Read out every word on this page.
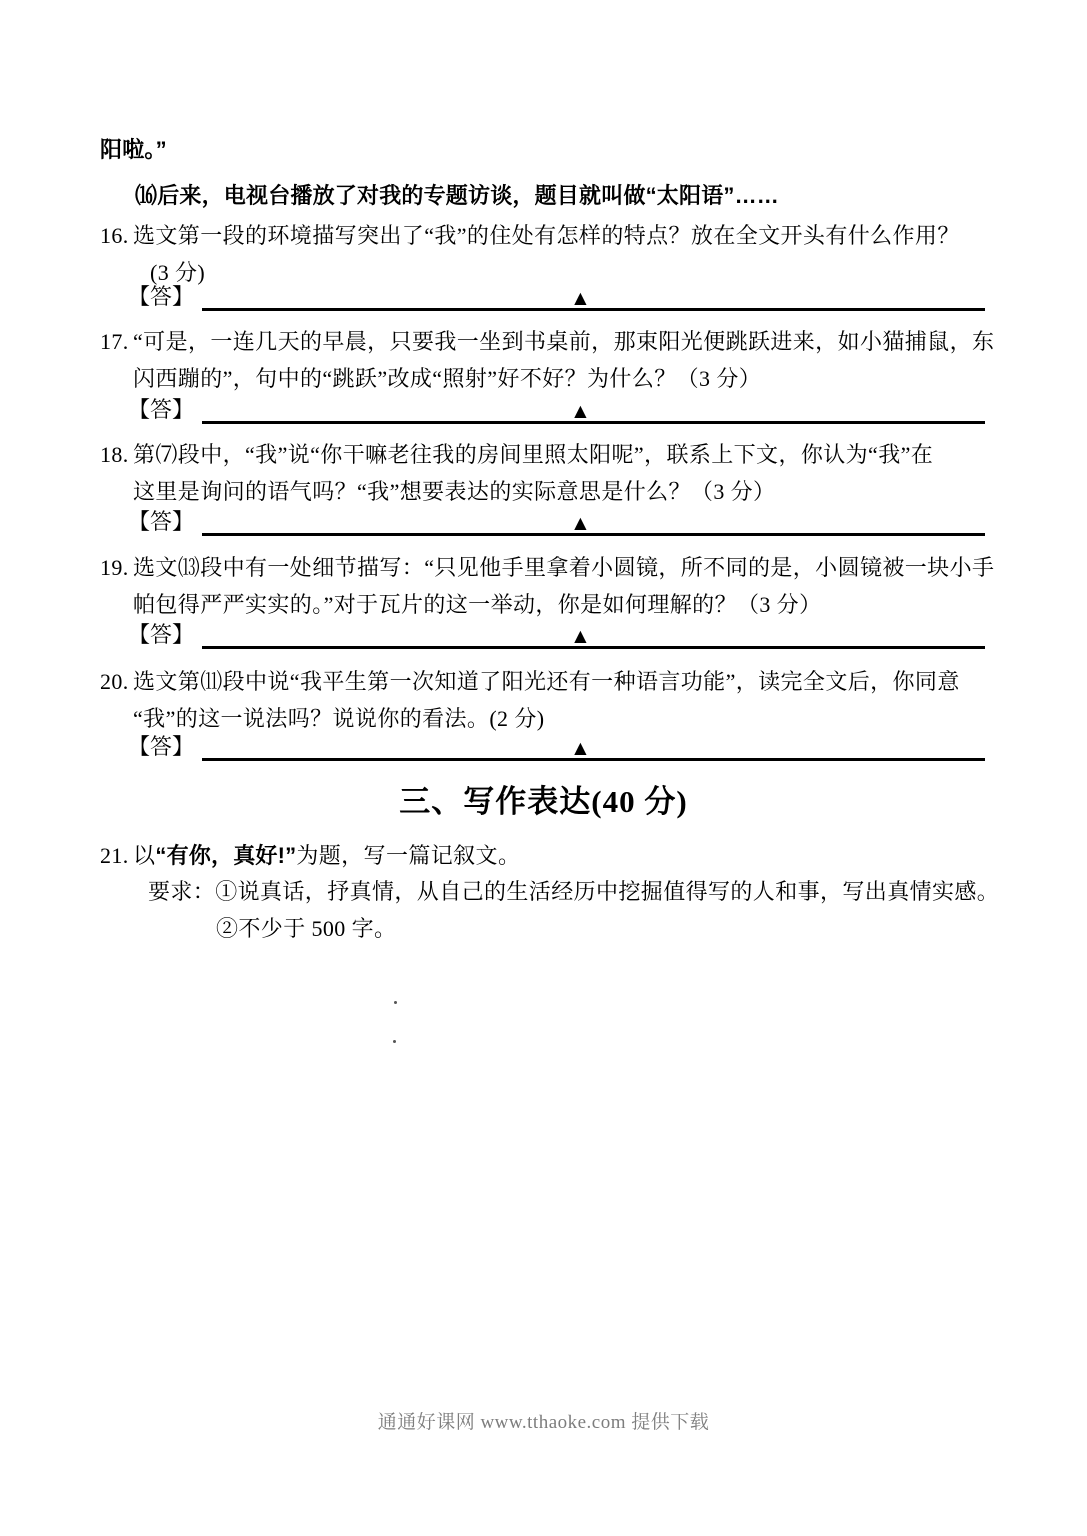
阳啦。”
⒃后来，电视台播放了对我的专题访谈，题目就叫做“太阳语”……
16. 选文第一段的环境描写突出了“我”的住处有怎样的特点？放在全文开头有什么作用？
(3 分)
【答】	▲
17. “可是，一连几天的早晨，只要我一坐到书桌前，那束阳光便跳跃进来，如小猫捕鼠，东
闪西蹦的”，句中的“跳跃”改成“照射”好不好？为什么？（3 分）
【答】	▲
18. 第⑺段中，“我”说“你干嘛老往我的房间里照太阳呢”，联系上下文，你认为“我”在
这里是询问的语气吗？“我”想要表达的实际意思是什么？（3 分）
【答】	▲
19. 选文⒀段中有一处细节描写：“只见他手里拿着小圆镜，所不同的是，小圆镜被一块小手
帕包得严严实实的。”对于瓦片的这一举动，你是如何理解的？（3 分）
【答】	▲
20. 选文第⑾段中说“我平生第一次知道了阳光还有一种语言功能”，读完全文后，你同意
“我”的这一说法吗？说说你的看法。(2 分)
【答】	▲
三、写作表达(40 分)
21. 以“有你，真好!”为题，写一篇记叙文。
要求：①说真话，抒真情，从自己的生活经历中挖掘值得写的人和事，写出真情实感。
②不少于 500 字。
通通好课网 www.tthaoke.com 提供下载
